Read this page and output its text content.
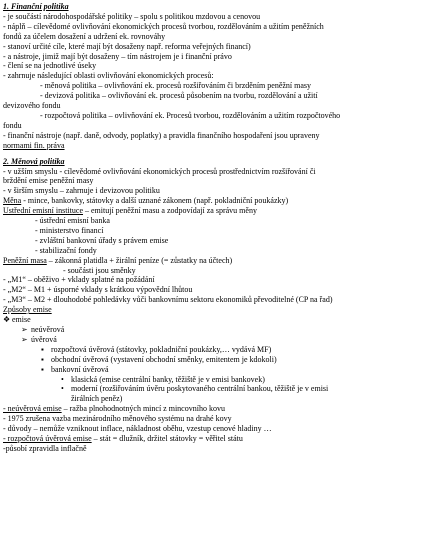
1. Finanční politika
- je součástí národohospodářské politiky – spolu s politikou mzdovou a cenovou
- náplň – cílevědomé ovlivňování ekonomických procesů tvorbou, rozdělováním a užitím peněžních
fondů za účelem dosažení a udržení ek. rovnováhy
- stanoví určité cíle, které mají být dosaženy např. reforma veřejných financí)
- a nástroje, jimiž mají být dosaženy – tím nástrojem je i finanční právo
- člení se na jednotlivé úseky
- zahrnuje následující oblasti ovlivňování ekonomických procesů:
- měnová politika – ovlivňování ek. procesů rozšiřováním či brzděním peněžní masy
- devizová politika – ovlivňování ek. procesů působením na tvorbu, rozdělování a užití
devizového fondu
- rozpočtová politika – ovlivňování ek. Procesů tvorbou, rozdělováním a užitím rozpočtového
fondu
- finanční nástroje (např. daně, odvody, poplatky) a pravidla finančního hospodaření jsou upraveny
normami fin. práva
2. Měnová politika
- v užším smyslu - cílevědomé ovlivňování ekonomických procesů prostřednictvím rozšiřování či
brždění emise peněžní masy
- v širším smyslu – zahrnuje i devizovou politiku
Měna - mince, bankovky, státovky a další uznané zákonem (např. pokladniční poukázky)
Ustřední emisní instituce – emitují peněžní masu a zodpovídají za správu měny
- ústřední emisní banka
- ministerstvo financí
- zvláštní bankovní úřady s právem emise
- stabilizační fondy
Peněžní masa – zákonná platidla + žirální peníze (= zůstatky na účtech)
- součásti jsou směnky
- „M1“ – oběživo + vklady splatné na požádání
- „M2“ – M1 + úsporné vklady s krátkou výpovědní lhůtou
- „M3“ – M2 + dlouhodobé pohledávky vůči bankovnímu sektoru ekonomiků převoditelné (CP na řad)
Způsoby emise
❖ emise
➢ neúvěrová
➢ úvěrová
▪ rozpočtová úvěrová (státovky, pokladniční poukázky,… vydává MF)
▪ obchodní úvěrová (vystavení obchodní směnky, emitentem je kdokoli)
▪ bankovní úvěrová
• klasická (emise centrální banky, těžiště je v emisi bankovek)
• moderní (rozšiřováním úvěru poskytovaného centrální bankou, těžiště je v emisi
žirálních peněz)
- neúvěrová emise – ražba plnohodnotných mincí z mincovního kovu
- 1975 zrušena vazba mezinárodního měnového systému na drahé kovy
- důvody – nemůže vzniknout inflace, nákladnost oběhu, vzestup cenové hladiny …
- rozpočtová úvěrová emise – stát = dlužník, držitel státovky = věřitel státu
-působí zpravidla inflačně
